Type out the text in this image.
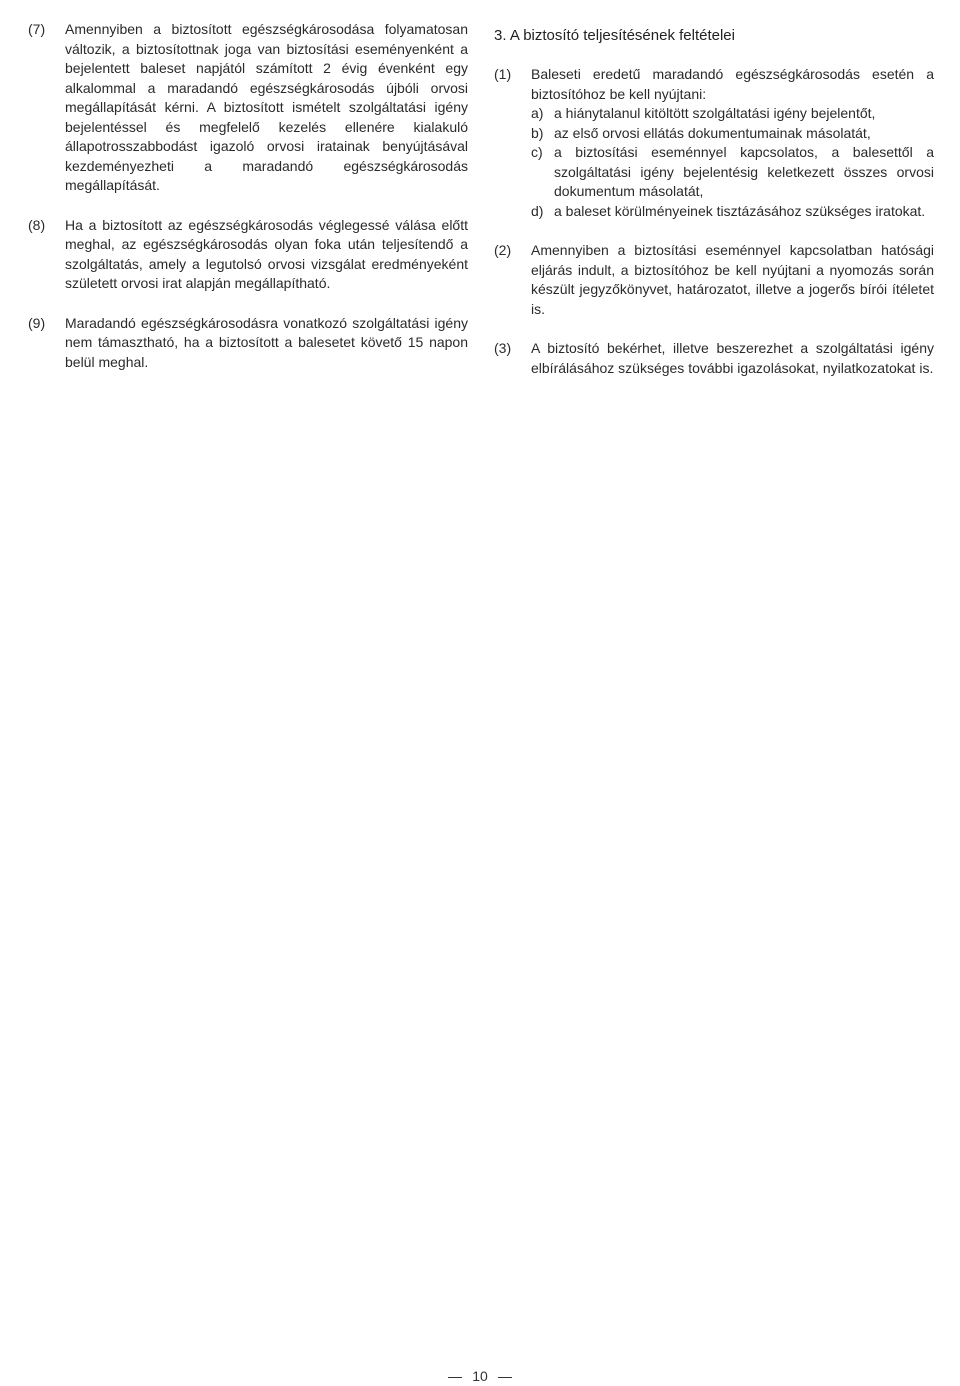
(7)	Amennyiben a biztosított egészségkárosodása folyamatosan változik, a biztosítottnak joga van biztosítási eseményenként a bejelentett baleset napjától számított 2 évig évenként egy alkalommal a maradandó egészségkárosodás újbóli orvosi megállapítását kérni. A biztosított ismételt szolgáltatási igény bejelentéssel és megfelelő kezelés ellenére kialakuló állapotrosszabbodást igazoló orvosi iratainak benyújtásával kezdeményezheti a maradandó egészségkárosodás megállapítását.
(8)	Ha a biztosított az egészségkárosodás véglegessé válása előtt meghal, az egészségkárosodás olyan foka után teljesítendő a szolgáltatás, amely a legutolsó orvosi vizsgálat eredményeként született orvosi irat alapján megállapítható.
(9)	Maradandó egészségkárosodásra vonatkozó szolgáltatási igény nem támasztható, ha a biztosított a balesetet követő 15 napon belül meghal.
3. A biztosító teljesítésének feltételei
(1)	Baleseti eredetű maradandó egészségkárosodás esetén a biztosítóhoz be kell nyújtani:
a) a hiánytalanul kitöltött szolgáltatási igény bejelentőt,
b) az első orvosi ellátás dokumentumainak másolatát,
c) a biztosítási eseménnyel kapcsolatos, a balesettől a szolgáltatási igény bejelentésig keletkezett összes orvosi dokumentum másolatát,
d) a baleset körülményeinek tisztázásához szükséges iratokat.
(2)	Amennyiben a biztosítási eseménnyel kapcsolatban hatósági eljárás indult, a biztosítóhoz be kell nyújtani a nyomozás során készült jegyzőkönyvet, határozatot, illetve a jogerős bírói ítéletet is.
(3)	A biztosító bekérhet, illetve beszerezhet a szolgáltatási igény elbírálásához szükséges további igazolásokat, nyilatkozatokat is.
10
